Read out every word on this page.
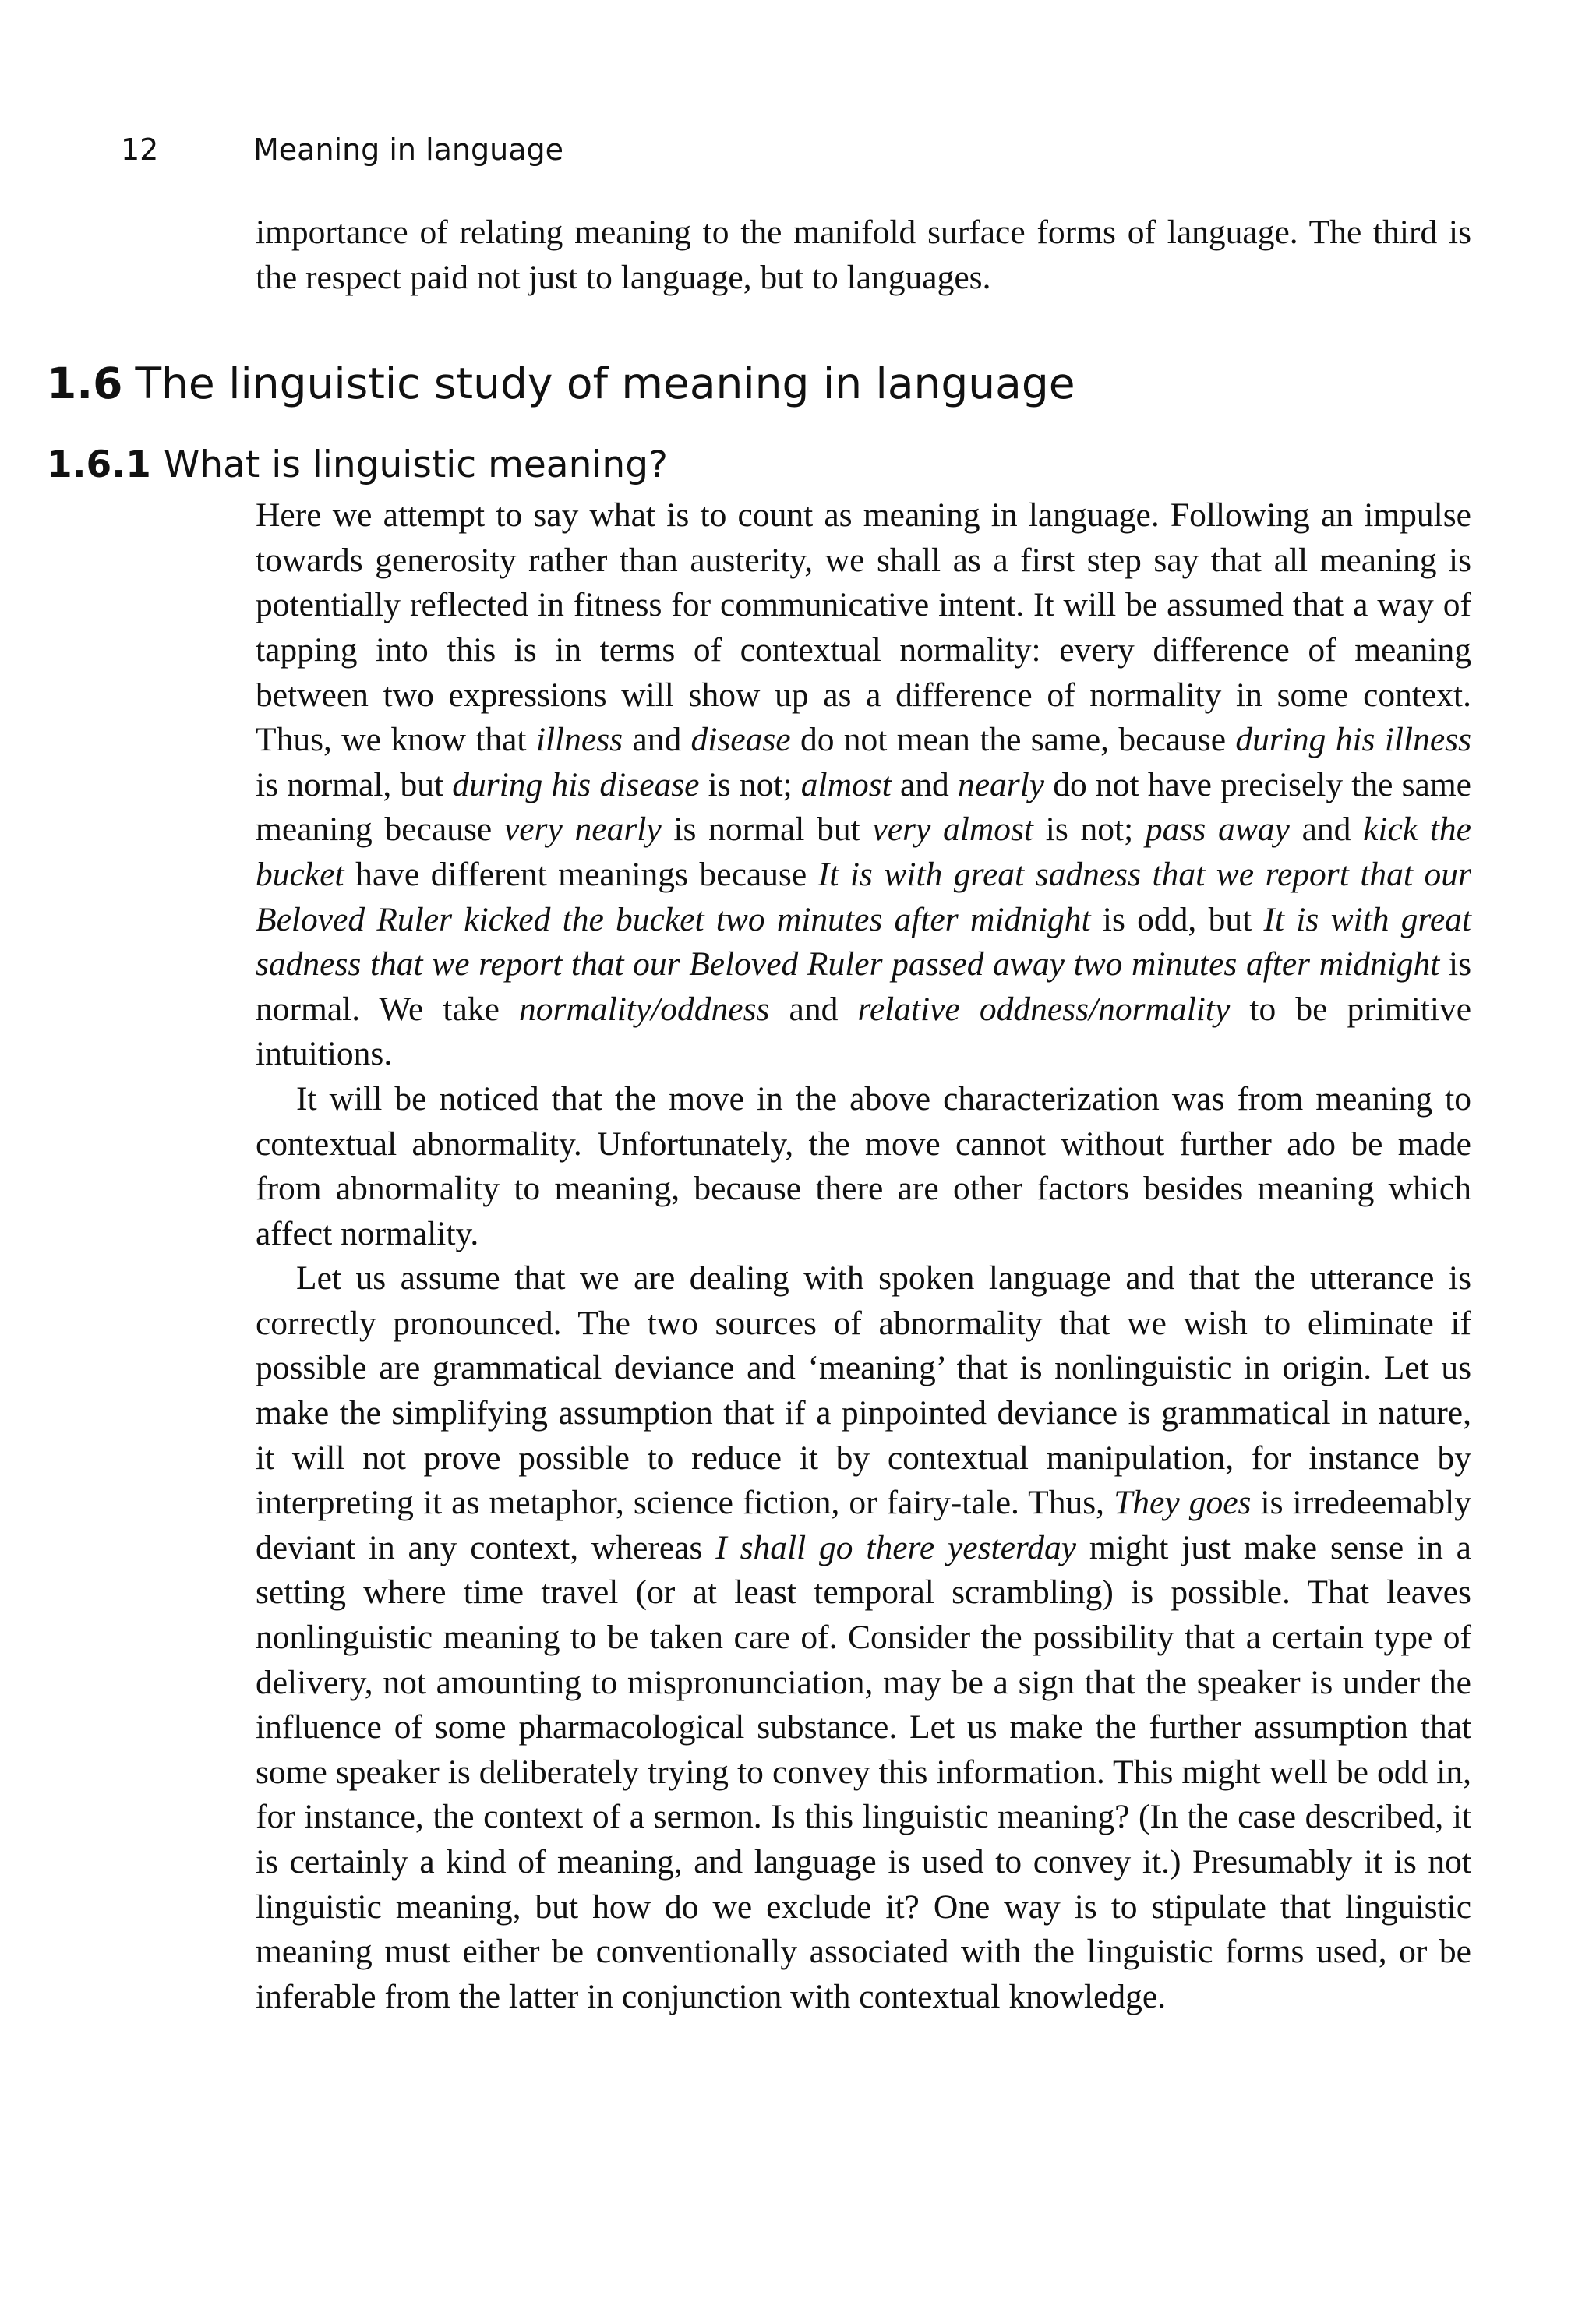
12	Meaning in language

importance of relating meaning to the manifold surface forms of language. The third is the respect paid not just to language, but to languages.

1.6 The linguistic study of meaning in language
1.6.1 What is linguistic meaning?

Here we attempt to say what is to count as meaning in language. Following an impulse towards generosity rather than austerity, we shall as a first step say that all meaning is potentially reflected in fitness for communicative intent. It will be assumed that a way of tapping into this is in terms of contextual normality: every difference of meaning between two expressions will show up as a difference of normality in some context. Thus, we know that illness and disease do not mean the same, because during his illness is normal, but during his disease is not; almost and nearly do not have precisely the same meaning because very nearly is normal but very almost is not; pass away and kick the bucket have different meanings because It is with great sadness that we report that our Beloved Ruler kicked the bucket two minutes after midnight is odd, but It is with great sadness that we report that our Beloved Ruler passed away two minutes after midnight is normal. We take normality/oddness and relative oddness/normality to be primitive intuitions.

It will be noticed that the move in the above characterization was from meaning to contextual abnormality. Unfortunately, the move cannot without further ado be made from abnormality to meaning, because there are other factors besides meaning which affect normality.

Let us assume that we are dealing with spoken language and that the utterance is correctly pronounced. The two sources of abnormality that we wish to eliminate if possible are grammatical deviance and ‘meaning’ that is nonlinguistic in origin. Let us make the simplifying assumption that if a pinpointed deviance is grammatical in nature, it will not prove possible to reduce it by contextual manipulation, for instance by interpreting it as metaphor, science fiction, or fairy-tale. Thus, They goes is irredeemably deviant in any context, whereas I shall go there yesterday might just make sense in a setting where time travel (or at least temporal scrambling) is possible. That leaves nonlinguistic meaning to be taken care of. Consider the possibility that a certain type of delivery, not amounting to mispronunciation, may be a sign that the speaker is under the influence of some pharmacological substance. Let us make the further assumption that some speaker is deliberately trying to convey this information. This might well be odd in, for instance, the context of a sermon. Is this linguistic meaning? (In the case described, it is certainly a kind of meaning, and language is used to convey it.) Presumably it is not linguistic meaning, but how do we exclude it? One way is to stipulate that linguistic meaning must either be conventionally associated with the linguistic forms used, or be inferable from the latter in conjunction with contextual knowledge.
